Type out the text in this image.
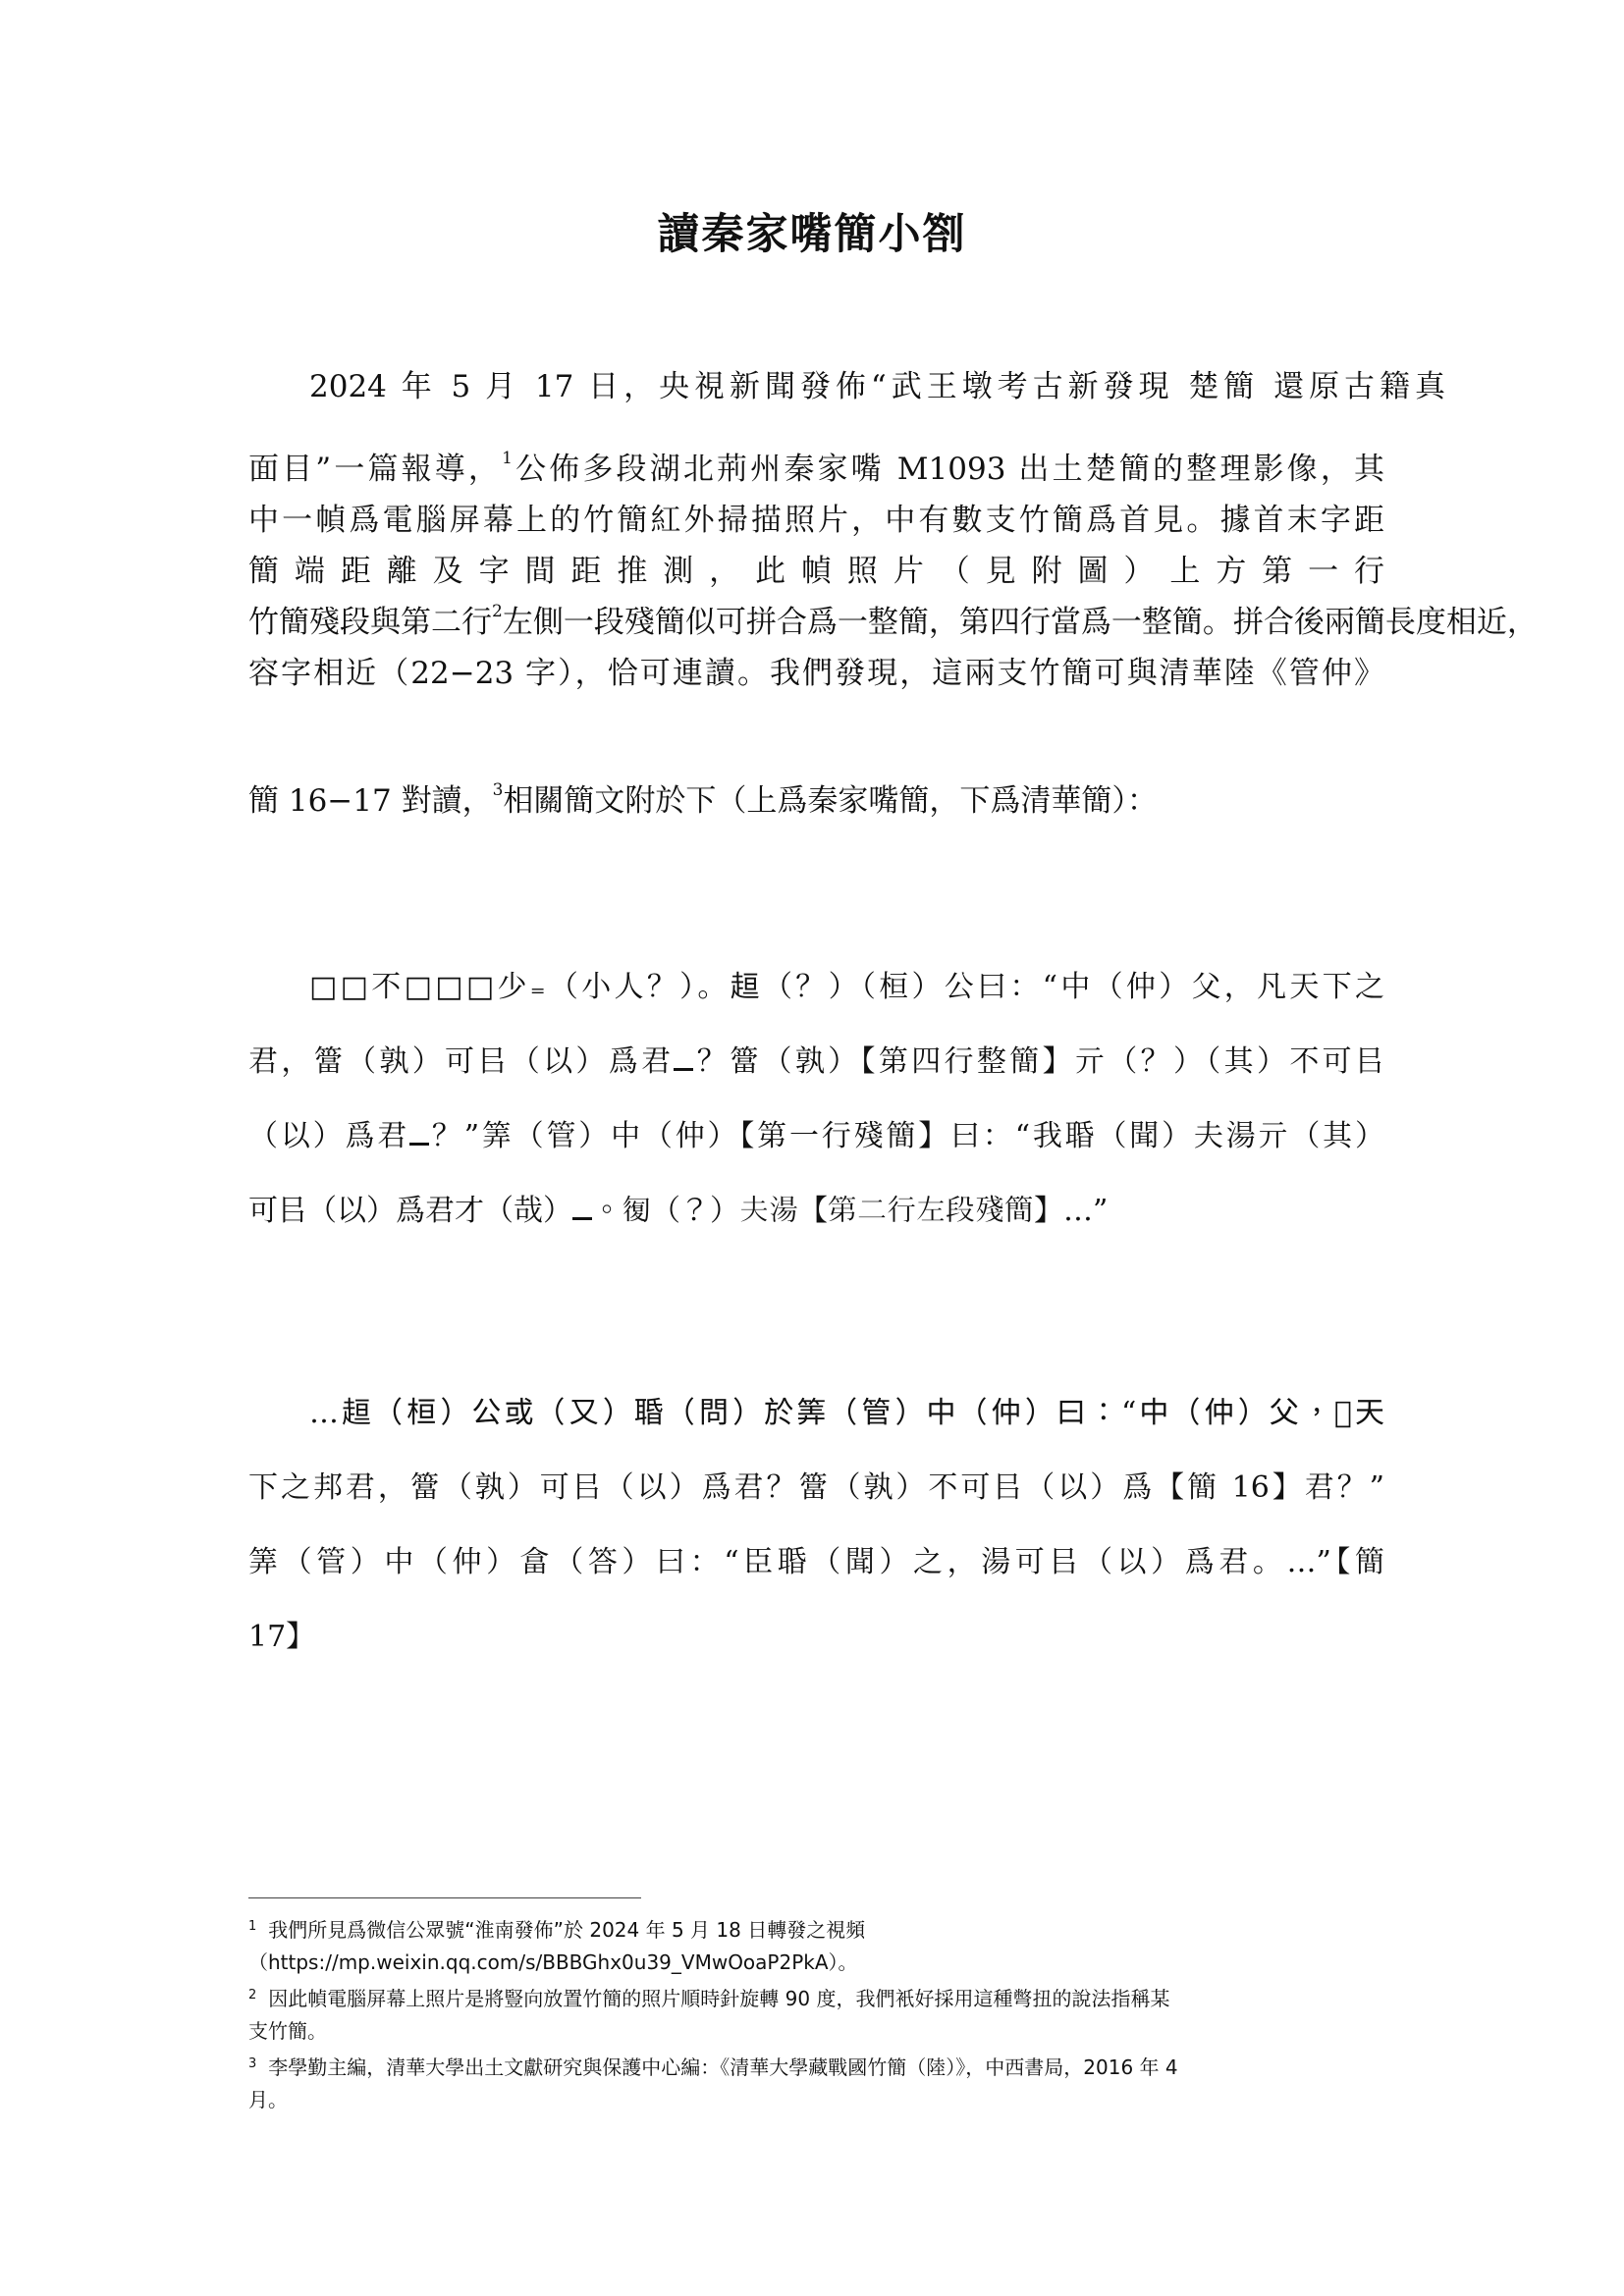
讀秦家嘴簡小劄
2024 年 5 月 17 日，央視新聞發佈“武王墩考古新發現 楚簡 還原古籍真
面目”一篇報導，$^1$公佈多段湖北荊州秦家嘴 M1093 出土楚簡的整理影像，其
中一幀爲電腦屏幕上的竹簡紅外掃描照片，中有數支竹簡爲首見。據首末字距
簡端距離及字間距推測，此幀照片（見附圖）上方第一行
竹簡殘段與第二行$^2$左側一段殘簡似可拼合爲一整簡，第四行當爲一整簡。拼合後兩簡長度相近，
容字相近（22−23 字），恰可連讀。我們發現，這兩支竹簡可與清華陸《管仲》
簡 16−17 對讀，$^3$相關簡文附於下（上爲秦家嘴簡，下爲清華簡）：
□□不□□□少₌（小人？）。𧻚（？）（桓）公曰：“中（仲）父，凡天下之
君，簹（孰）可㠯（以）爲君 ？簹（孰）【第四行整簡】亓（？）（其）不可㠯
（以）爲君 ？”筭（管）中（仲）【第一行殘簡】曰：“我䎽（聞）夫湯亓（其）
可㠯（以）爲君才（哉） 。𠣾（？）夫湯【第二行左段殘簡】…”
…𧻚（桓）公或（又）䎽（問）於筭（管）中（仲）曰：“中（仲）父，𦖞天
下之邦君，簹（孰）可㠯（以）爲君？簹（孰）不可㠯（以）爲【簡 16】君？”
筭（管）中（仲）畣（答）曰：“臣䎽（聞）之，湯可㠯（以）爲君。…”【簡
17】
$^1$ 我們所見爲微信公眾號“淮南發佈”於 2024 年 5 月 18 日轉發之視頻
（https://mp.weixin.qq.com/s/BBBGhx0u39_VMwOoaP2PkA）。
$^2$ 因此幀電腦屏幕上照片是將豎向放置竹簡的照片順時針旋轉 90 度，我們衹好採用這種彆扭的說法指稱某
支竹簡。
$^3$ 李學勤主編，清華大學出土文獻研究與保護中心編：《清華大學藏戰國竹簡（陸）》，中西書局，2016 年 4
月。
